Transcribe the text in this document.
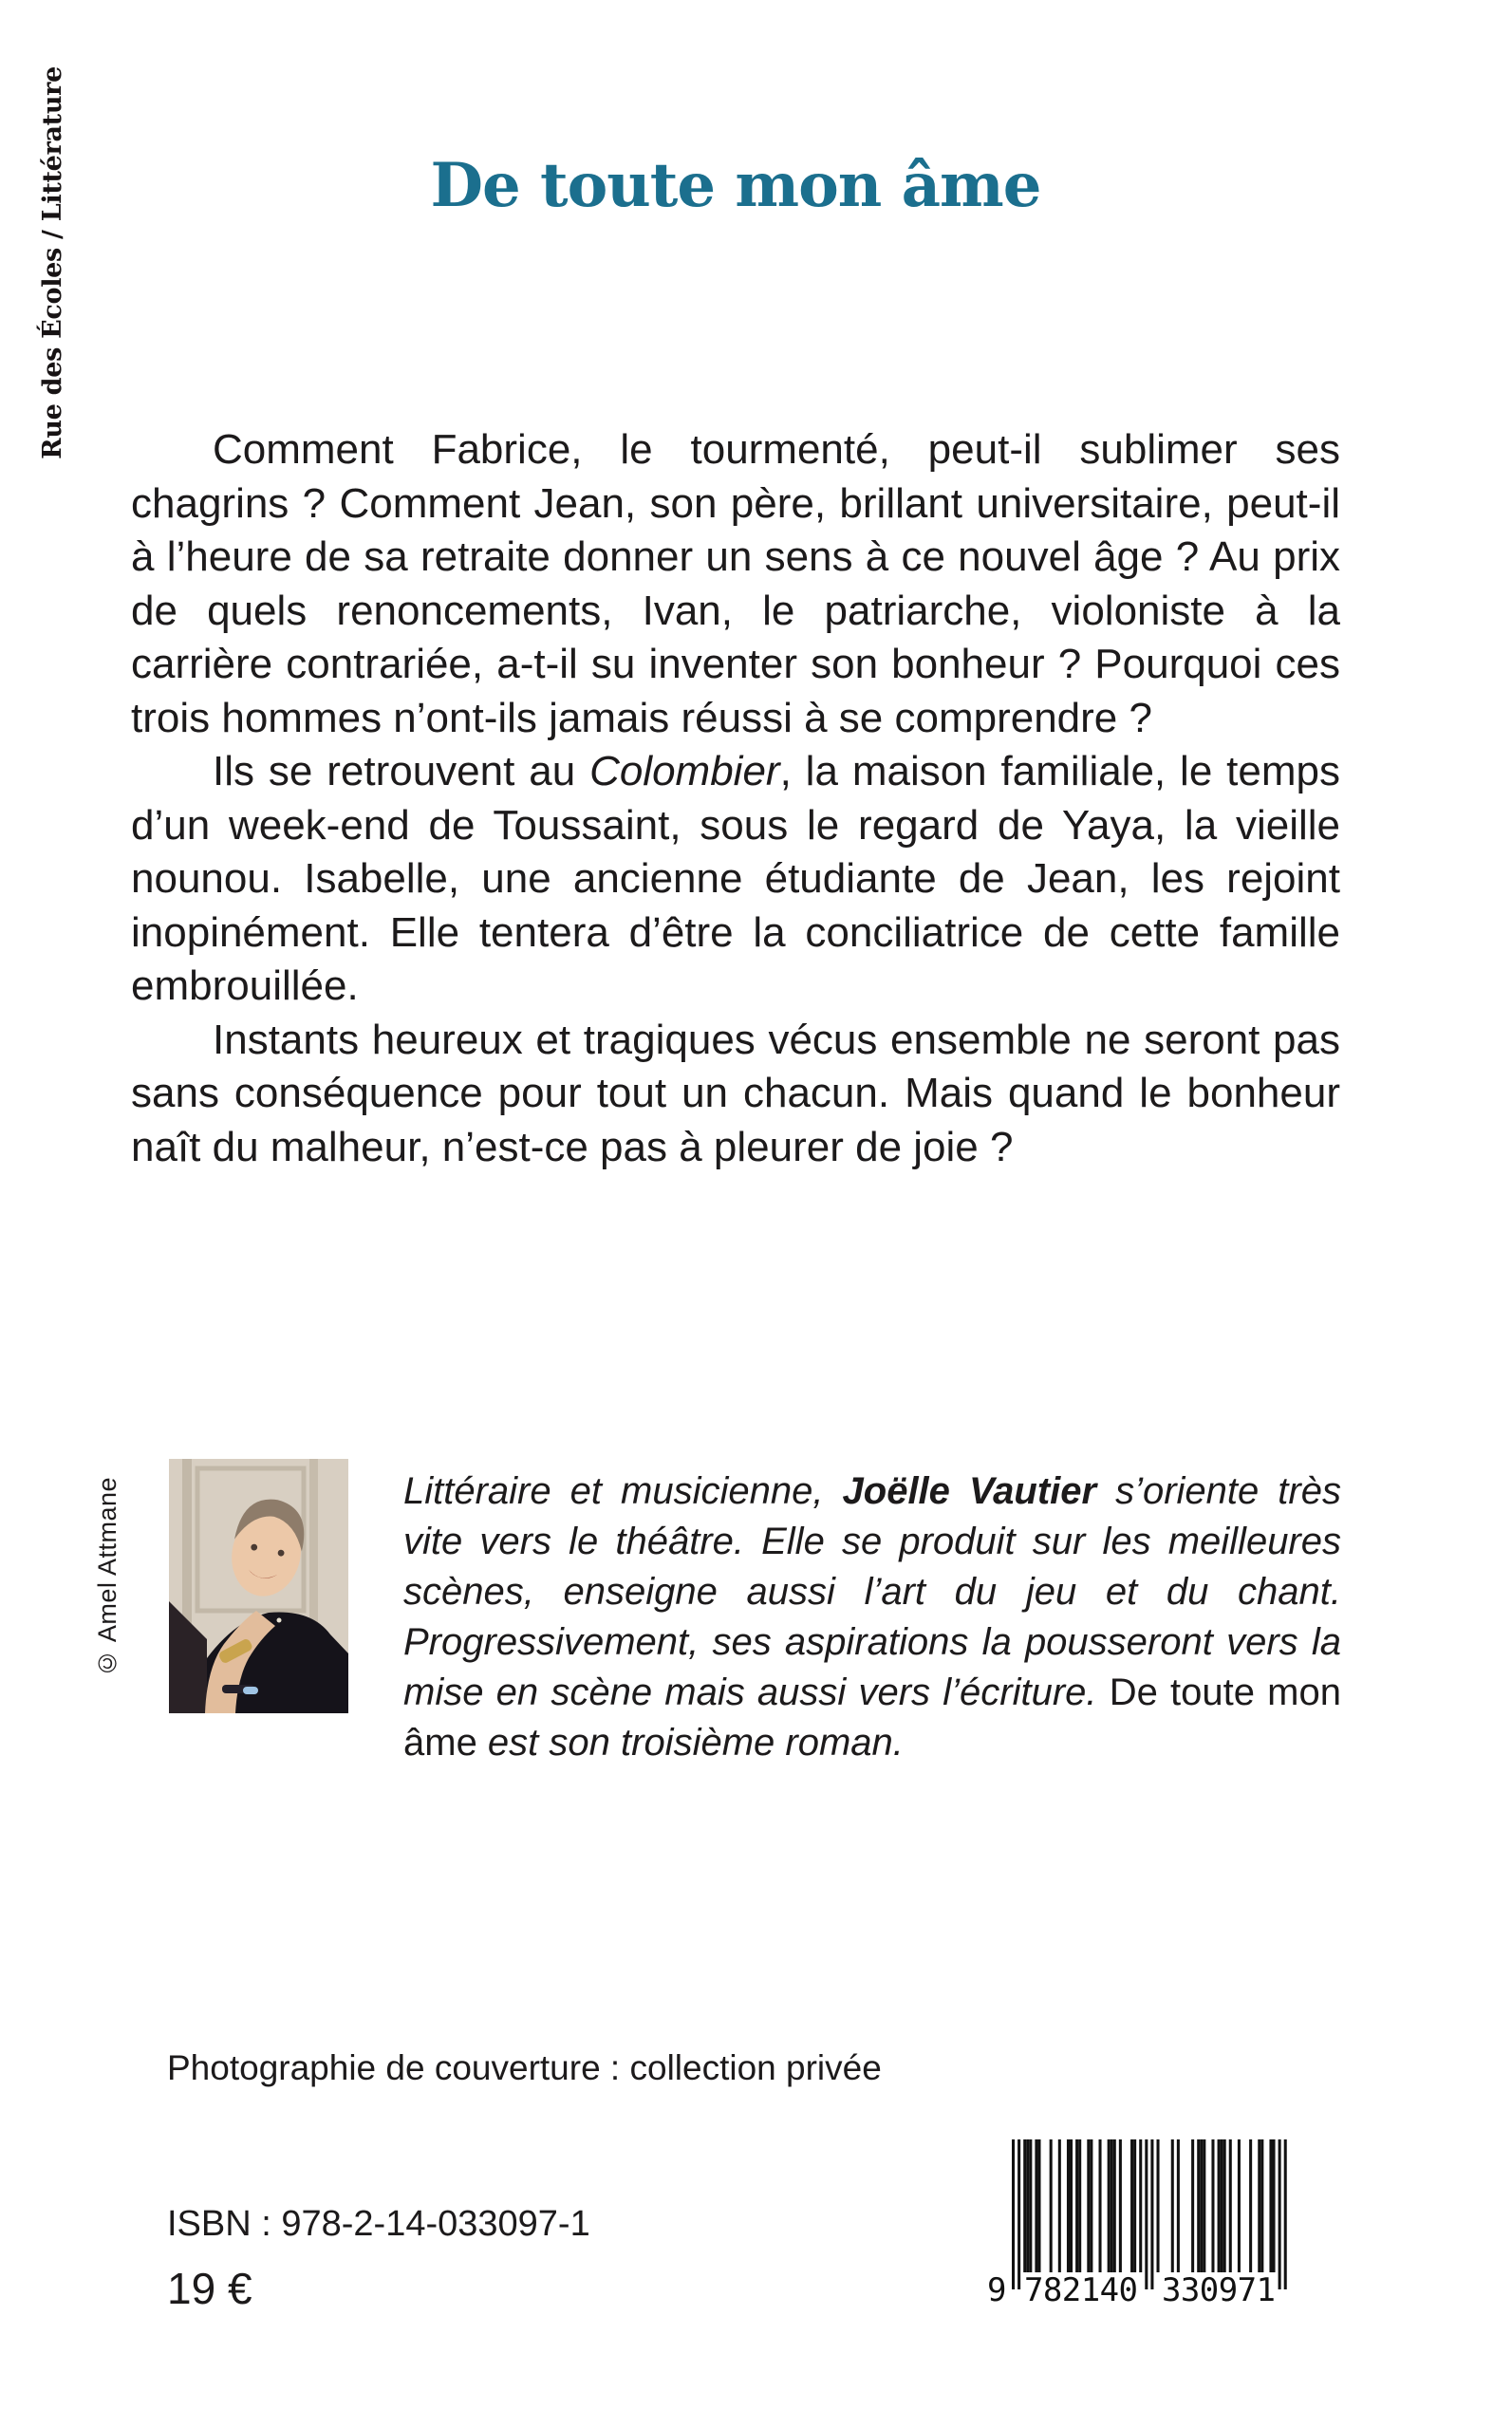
Rue des Écoles / Littérature	De toute mon âme

Comment Fabrice, le tourmenté, peut-il sublimer ses chagrins ? Comment Jean, son père, brillant universitaire, peut-il à l’heure de sa retraite donner un sens à ce nouvel âge ? Au prix de quels renoncements, Ivan, le patriarche, violoniste à la carrière contrariée, a-t-il su inventer son bonheur ? Pourquoi ces trois hommes n’ont-ils jamais réussi à se comprendre ?

Ils se retrouvent au Colombier, la maison familiale, le temps d’un week-end de Toussaint, sous le regard de Yaya, la vieille nounou. Isabelle, une ancienne étudiante de Jean, les rejoint inopinément. Elle tentera d’être la conciliatrice de cette famille embrouillée.

Instants heureux et tragiques vécus ensemble ne seront pas sans conséquence pour tout un chacun. Mais quand le bonheur naît du malheur, n’est-ce pas à pleurer de joie ?

© Amel Attmane	Littéraire et musicienne, Joëlle Vautier s’oriente très vite vers le théâtre. Elle se produit sur les meilleures scènes, enseigne aussi l’art du jeu et du chant. Progressivement, ses aspirations la pousseront vers la mise en scène mais aussi vers l’écriture. De toute mon âme est son troisième roman.

Photographie de couverture : collection privée
ISBN : 978-2-14-033097-1
19 €	9 782140 330971
